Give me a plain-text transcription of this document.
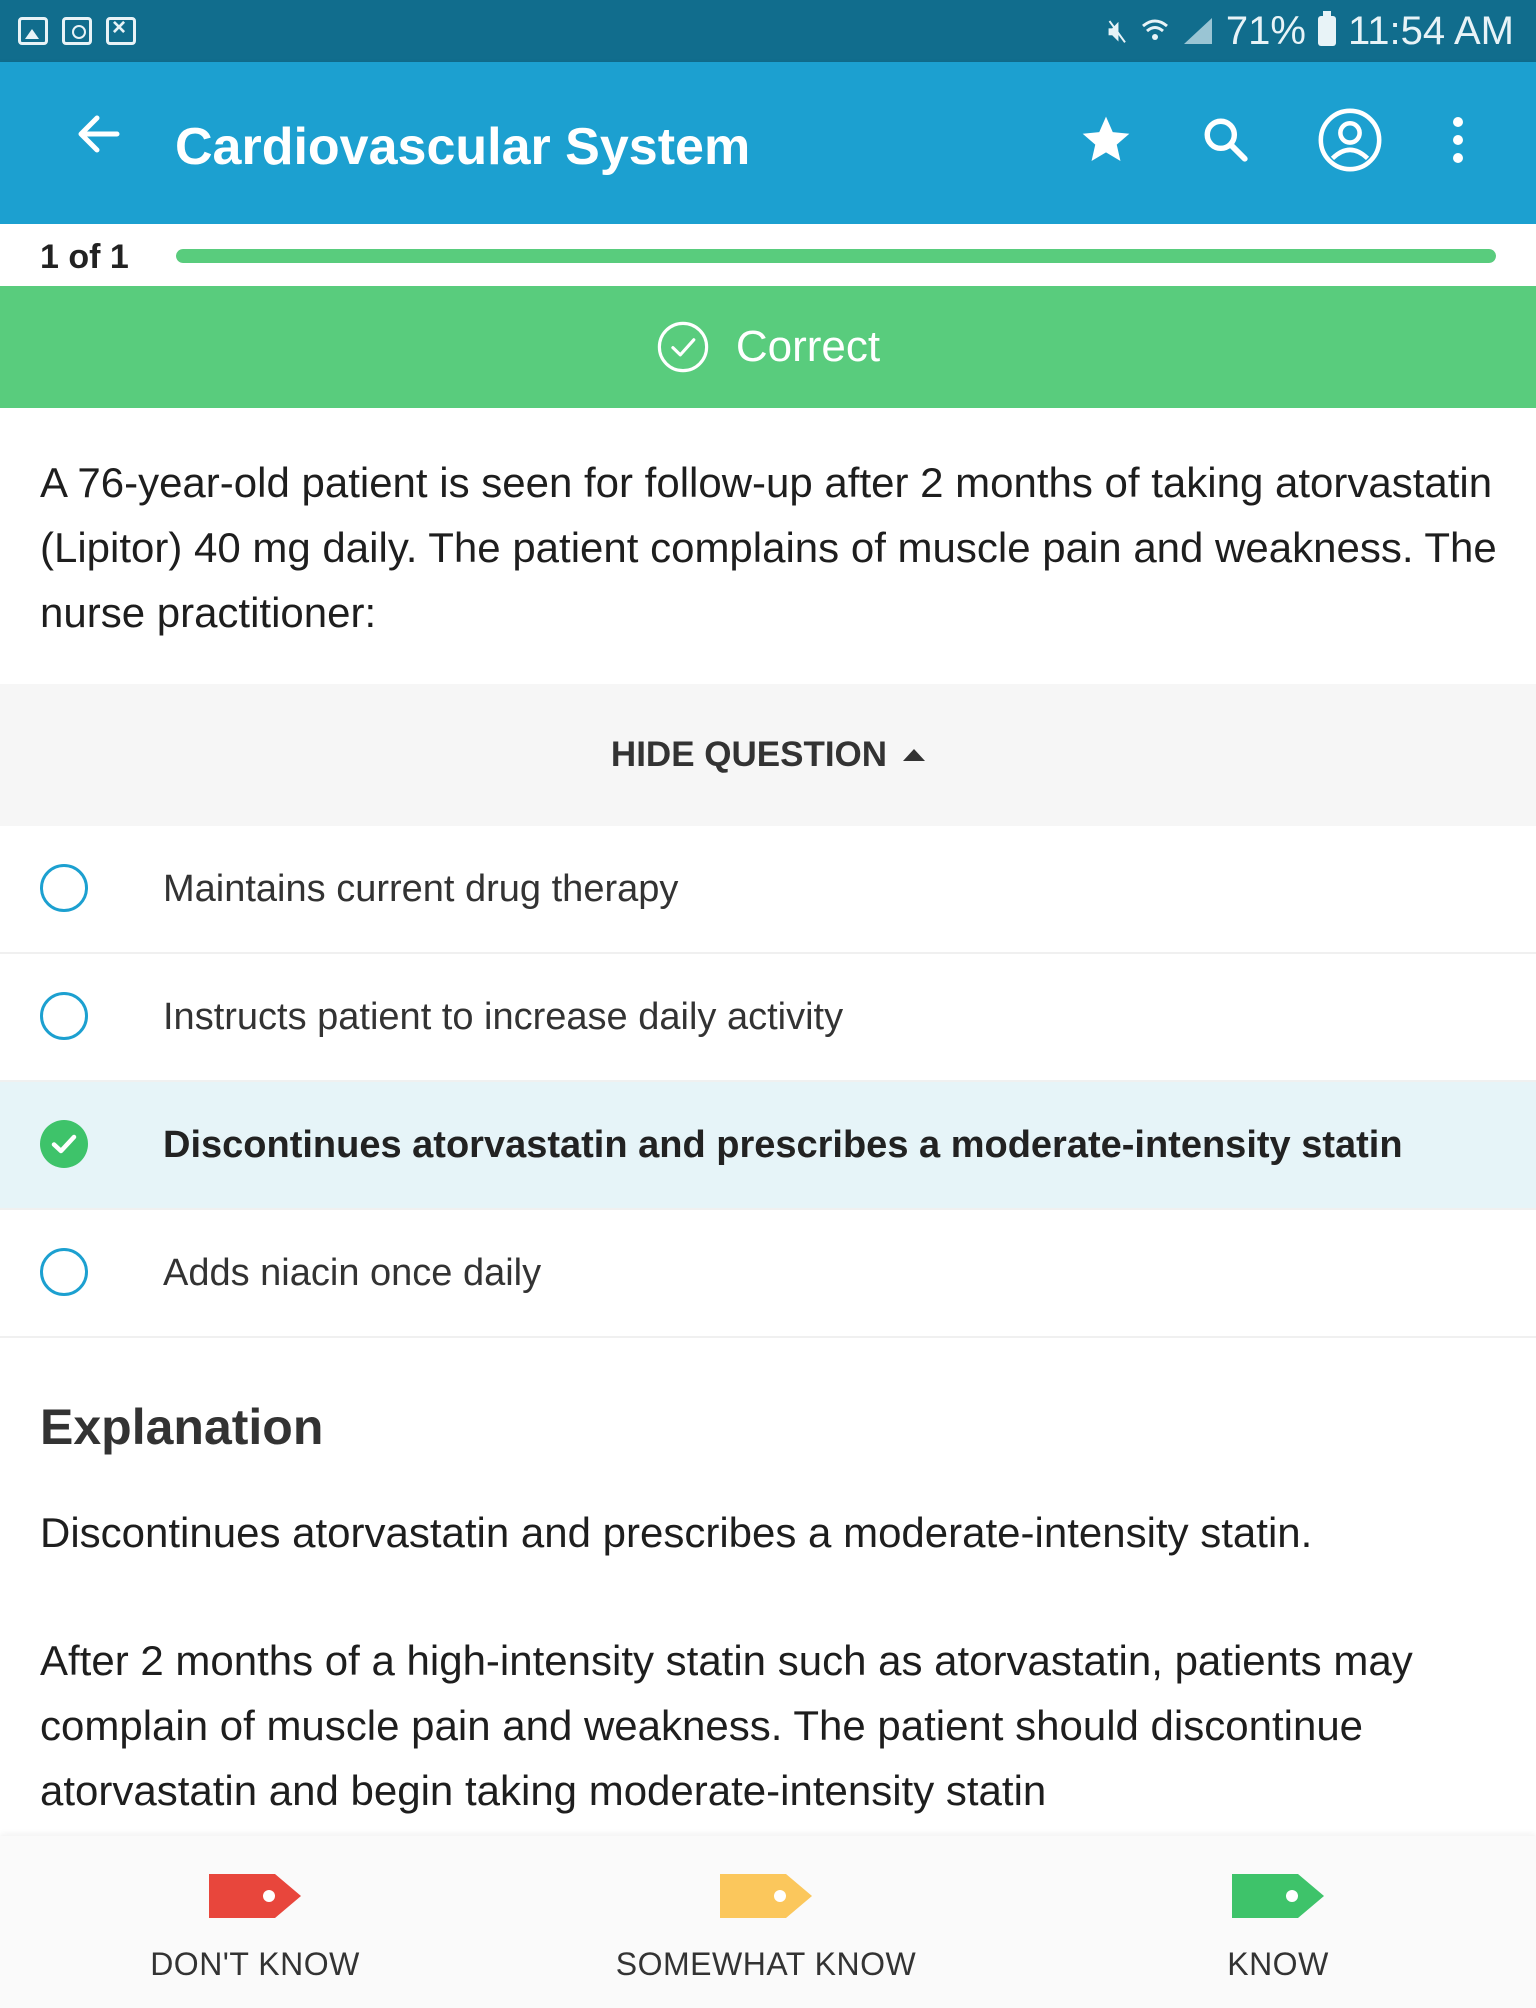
×
🔇︎ 71% 11:54 AM
Cardiovascular System
1 of 1
Correct
A 76-year-old patient is seen for follow-up after 2 months of taking atorvastatin (Lipitor) 40 mg daily. The patient complains of muscle pain and weakness. The nurse practitioner:
HIDE QUESTION
Maintains current drug therapy
Instructs patient to increase daily activity
Discontinues atorvastatin and prescribes a moderate-intensity statin
Adds niacin once daily
Explanation
Discontinues atorvastatin and prescribes a moderate-intensity statin.
After 2 months of a high-intensity statin such as atorvastatin, patients may complain of muscle pain and weakness. The patient should discontinue atorvastatin and begin taking moderate-intensity statin
DON'T KNOW	SOMEWHAT KNOW	KNOW
